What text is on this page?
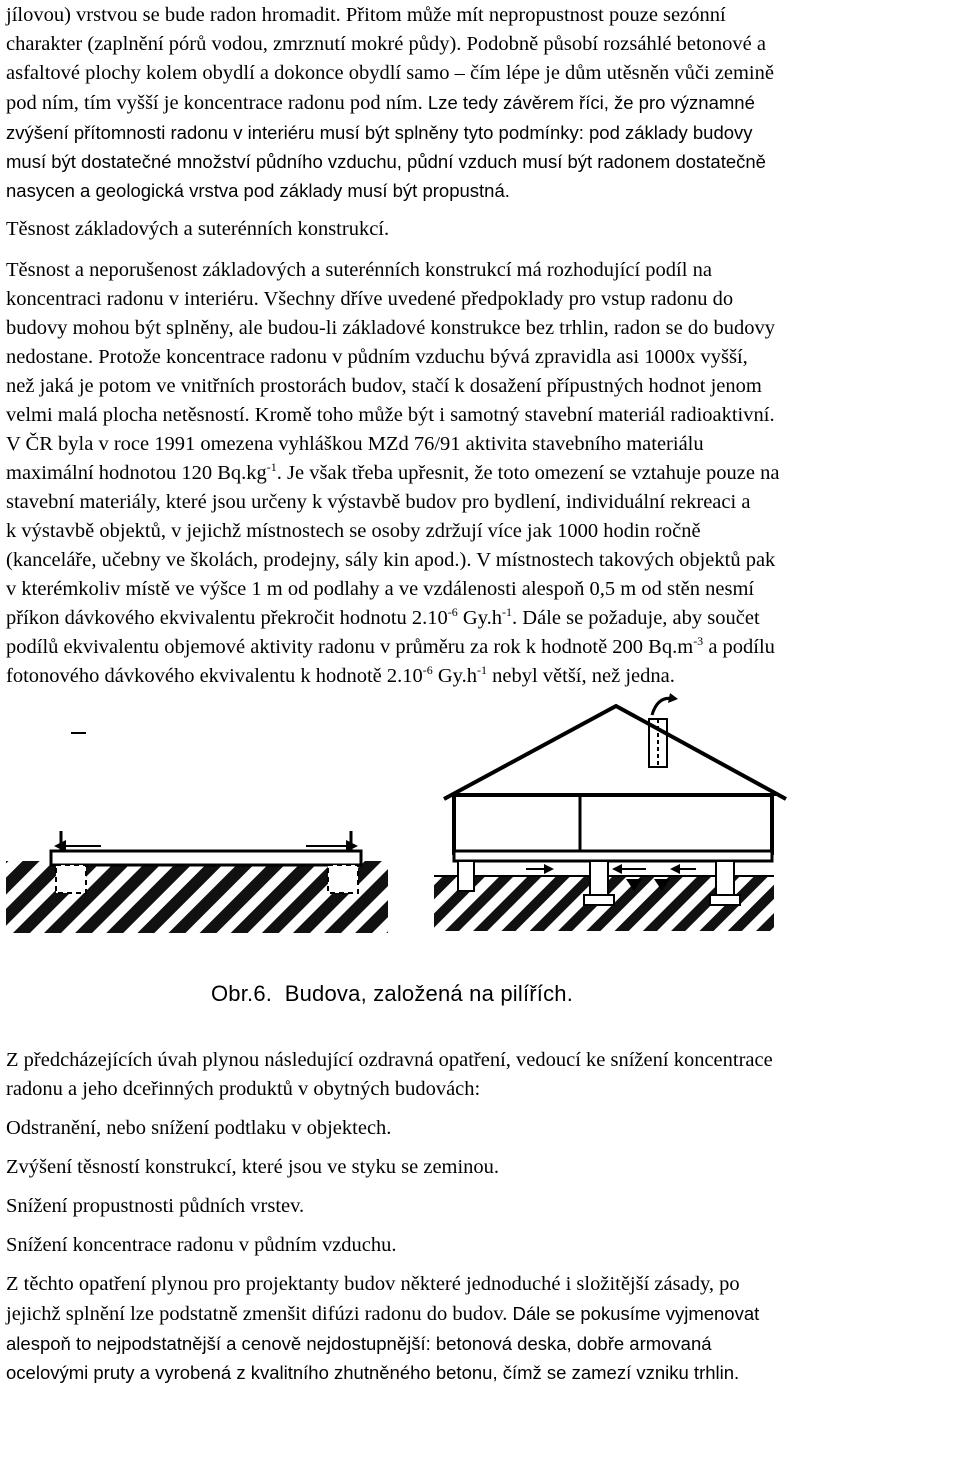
jílovou) vrstvou se bude radon hromadit. Přitom může mít nepropustnost pouze sezónní
charakter (zaplnění pórů vodou, zmrznutí mokré půdy). Podobně působí rozsáhlé betonové a
asfaltové plochy kolem obydlí a dokonce obydlí samo – čím lépe je dům utěsněn vůči zemině
pod ním, tím vyšší je koncentrace radonu pod ním. Lze tedy závěrem říci, že pro významné
zvýšení přítomnosti radonu v interiéru musí být splněny tyto podmínky: pod základy budovy
musí být dostatečné množství půdního vzduchu, půdní vzduch musí být radonem dostatečně
nasycen a geologická vrstva pod základy musí být propustná.
Těsnost základových a suterénních konstrukcí.
Těsnost a neporušenost základových a suterénních konstrukcí má rozhodující podíl na
koncentraci radonu v interiéru. Všechny dříve uvedené předpoklady pro vstup radonu do
budovy mohou být splněny, ale budou-li základové konstrukce bez trhlin, radon se do budovy
nedostane. Protože koncentrace radonu v půdním vzduchu bývá zpravidla asi 1000x vyšší,
než jaká je potom ve vnitřních prostorách budov, stačí k dosažení přípustných hodnot jenom
velmi malá plocha netěsností. Kromě toho může být i samotný stavební materiál radioaktivní.
V ČR byla v roce 1991 omezena vyhláškou MZd 76/91 aktivita stavebního materiálu
maximální hodnotou 120 $Bq.kg^{-1}$. Je však třeba upřesnit, že toto omezení se vztahuje pouze na
stavební materiály, které jsou určeny k výstavbě budov pro bydlení, individuální rekreaci a
k výstavbě objektů, v jejichž místnostech se osoby zdržují více jak 1000 hodin ročně
(kanceláře, učebny ve školách, prodejny, sály kin apod.). V místnostech takových objektů pak
v kterémkoliv místě ve výšce 1 m od podlahy a ve vzdálenosti alespoň 0,5 m od stěn nesmí
příkon dávkového ekvivalentu překročit hodnotu $2.10^{-6}$ $Gy.h^{-1}$. Dále se požaduje, aby součet
podílů ekvivalentu objemové aktivity radonu v průměru za rok k hodnotě 200 $Bq.m^{-3}$ a podílu
fotonového dávkového ekvivalentu k hodnotě $2.10^{-6}$ $Gy.h^{-1}$ nebyl větší, než jedna.
Obr.6. Budova, založená na pilířích.
Z předcházejících úvah plynou následující ozdravná opatření, vedoucí ke snížení koncentrace
radonu a jeho dceřinných produktů v obytných budovách:
Odstranění, nebo snížení podtlaku v objektech.
Zvýšení těsností konstrukcí, které jsou ve styku se zeminou.
Snížení propustnosti půdních vrstev.
Snížení koncentrace radonu v půdním vzduchu.
Z těchto opatření plynou pro projektanty budov některé jednoduché i složitější zásady, po
jejichž splnění lze podstatně zmenšit difúzi radonu do budov. Dále se pokusíme vyjmenovat
alespoň to nejpodstatnější a cenově nejdostupnější: betonová deska, dobře armovaná
ocelovými pruty a vyrobená z kvalitního zhutněného betonu, čímž se zamezí vzniku trhlin.
